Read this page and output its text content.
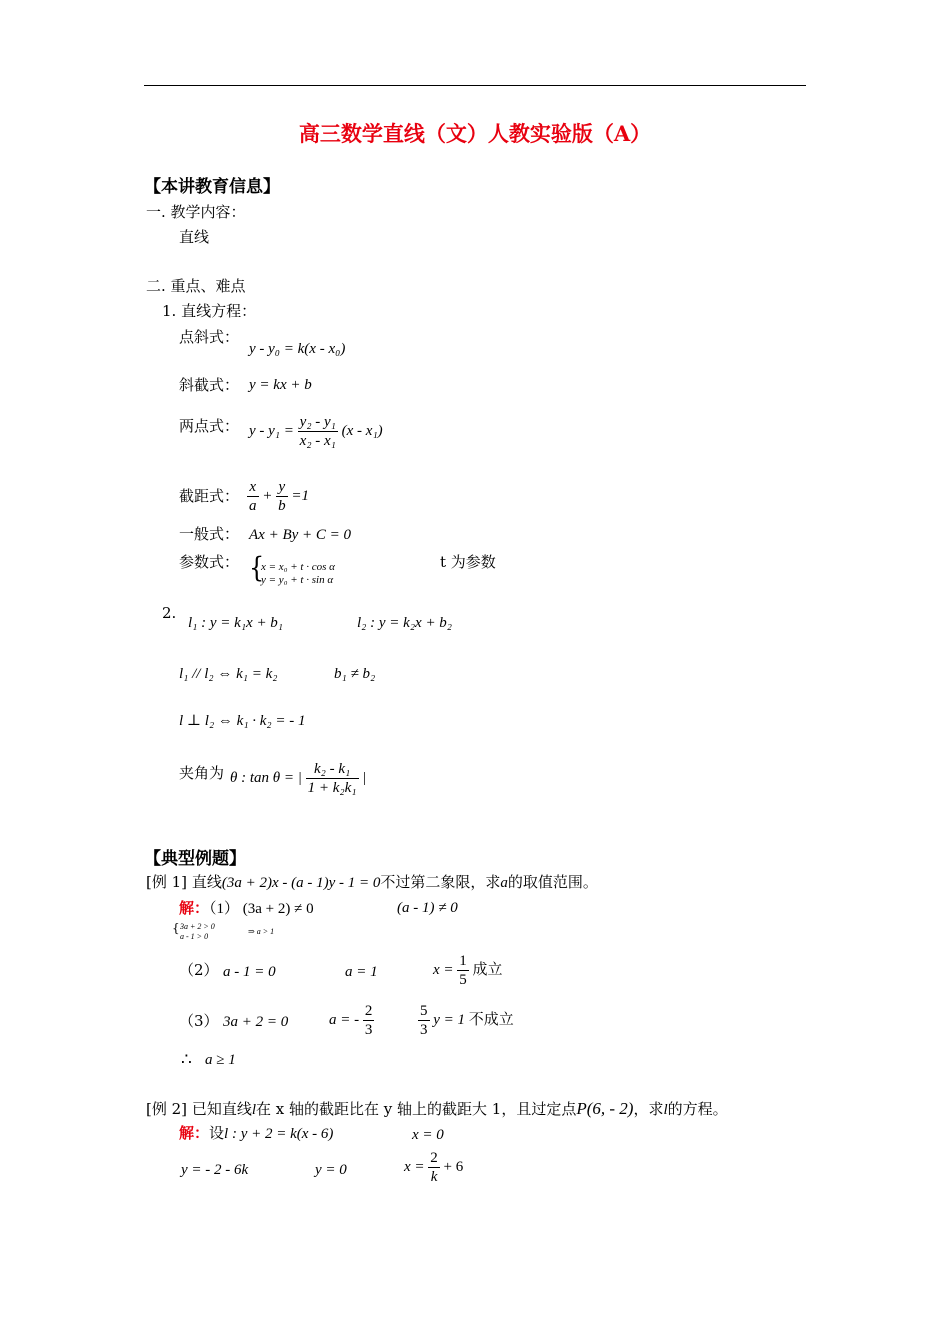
高三数学直线（文）人教实验版（A）
【本讲教育信息】
一. 教学内容：
直线
二. 重点、难点
1. 直线方程：
点斜式：
y - y₀ = k(x - x₀)
斜截式： y = kx + b
两点式： $y - y_1 = \frac{\text{y₂ - y₁}}{\text{x₂ - x₁}} (x - x_1)$
截距式： $\frac{x}{a} + \frac{y}{b} =1$
一般式： Ax + By + C = 0
参数式： {
x = x₀ + t · cos α
y = y₀ + t · sin α
t 为参数
2.
l₁ : y = k₁x + b₁	l₂ : y = k₂x + b₂
l₁ // l₂ ⇔ k₁ = k₂	b₁ ≠ b₂
l ⊥ l₂ ⇔ k₁ · k₂ = - 1
夹角为 θ : tan θ = | $\frac{\text{k₂ - k₁}}{\text{1 + k₂k₁}}$ |
【典型例题】
[例 1] 直线(3a + 2)x - (a - 1)y - 1 = 0不过第二象限，求a的取值范围。
解：（1） (3a + 2) ≠ 0	(a - 1) ≠ 0
{ 3a + 2 > 0
a - 1 > 0
⇒ a > 1
（2） a - 1 = 0	a = 1	$x = \frac{1}{5}$ 成立
（3） 3a + 2 = 0	a = - $\frac{2}{3}$	$\frac{5}{3}$ y = 1 不成立
∴ a ≥ 1
[例 2] 已知直线l在 x 轴的截距比在 y 轴上的截距大 1，且过定点P(6, - 2)，求l的方程。
解：设l : y + 2 = k(x - 6)	x = 0
y = - 2 - 6k	y = 0	$x = \frac{2}{k} + 6$
